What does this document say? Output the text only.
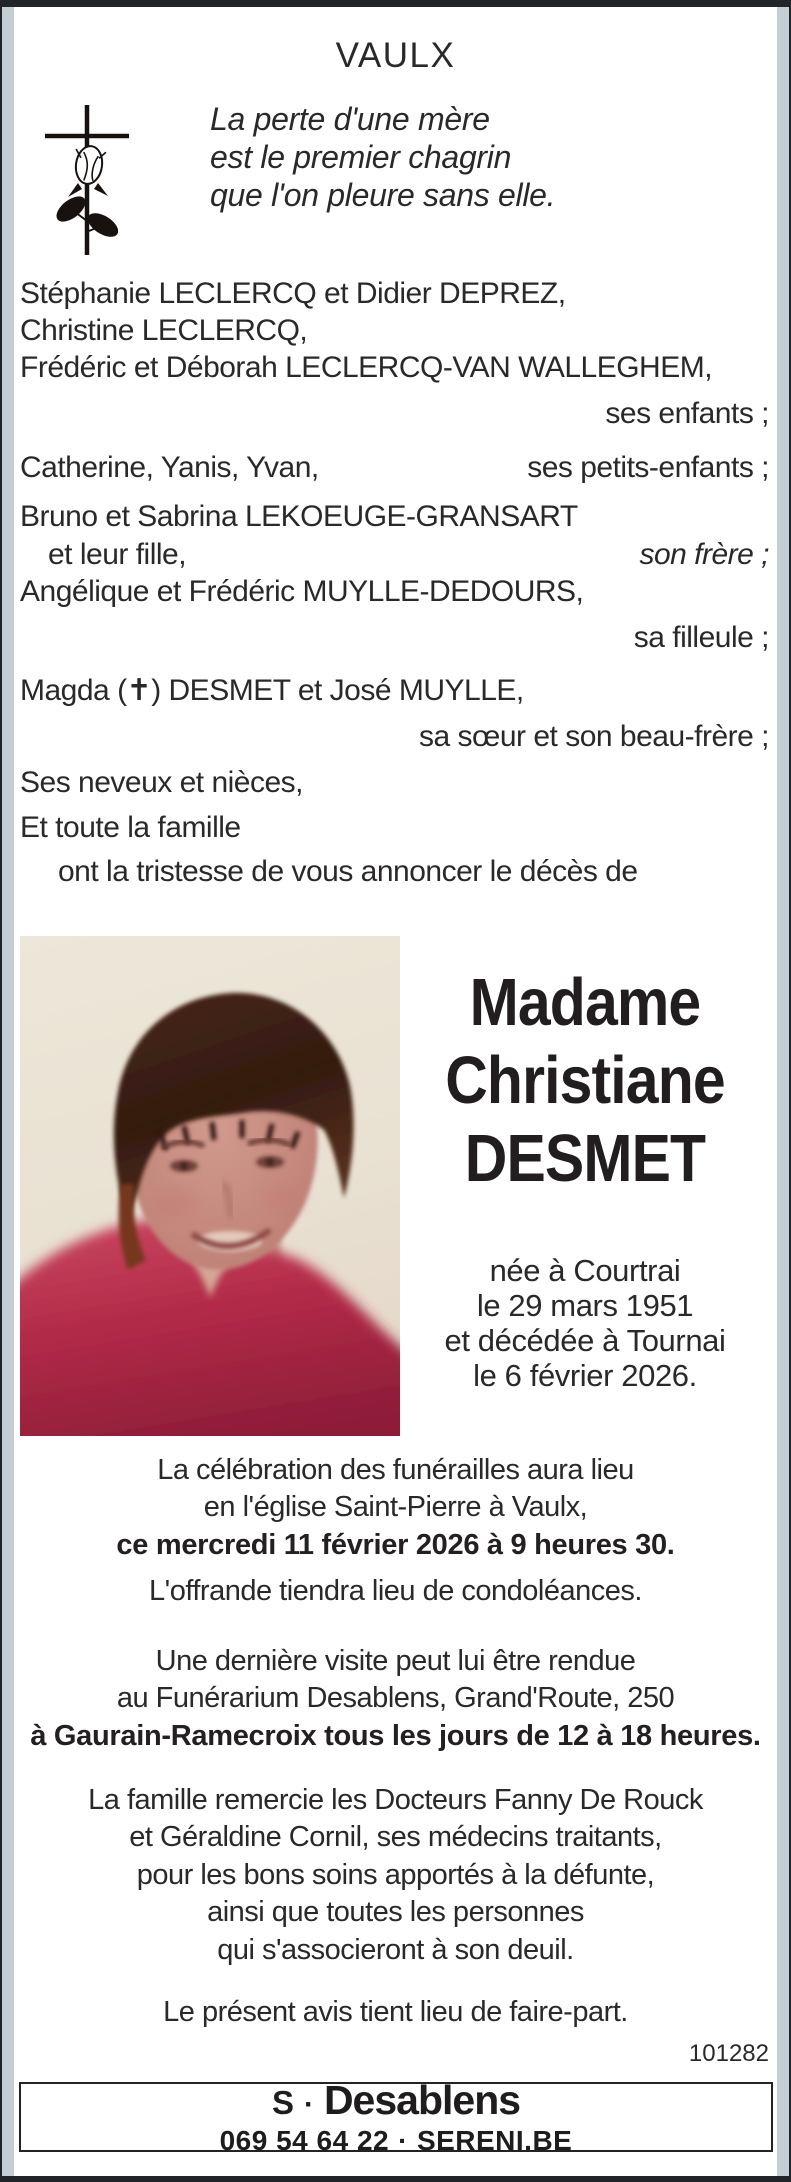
VAULX
La perte d'une mère
est le premier chagrin
que l'on pleure sans elle.
Stéphanie LECLERCQ et Didier DEPREZ,
Christine LECLERCQ,
Frédéric et Déborah LECLERCQ-VAN WALLEGHEM,
ses enfants ;
Catherine, Yanis, Yvan,	ses petits-enfants ;
Bruno et Sabrina LEKOEUGE-GRANSART
et leur fille,	son frère ;
Angélique et Frédéric MUYLLE-DEDOURS,
sa filleule ;
Magda (✝) DESMET et José MUYLLE,
sa sœur et son beau-frère ;
Ses neveux et nièces,
Et toute la famille
ont la tristesse de vous annoncer le décès de
Madame
Christiane
DESMET
née à Courtrai
le 29 mars 1951
et décédée à Tournai
le 6 février 2026.
La célébration des funérailles aura lieu
en l'église Saint-Pierre à Vaulx,
ce mercredi 11 février 2026 à 9 heures 30.
L'offrande tiendra lieu de condoléances.
Une dernière visite peut lui être rendue
au Funérarium Desablens, Grand'Route, 250
à Gaurain-Ramecroix tous les jours de 12 à 18 heures.
La famille remercie les Docteurs Fanny De Rouck
et Géraldine Cornil, ses médecins traitants,
pour les bons soins apportés à la défunte,
ainsi que toutes les personnes
qui s'associeront à son deuil.
Le présent avis tient lieu de faire-part.
101282
S · Desablens
069 54 64 22 · SERENI.BE
